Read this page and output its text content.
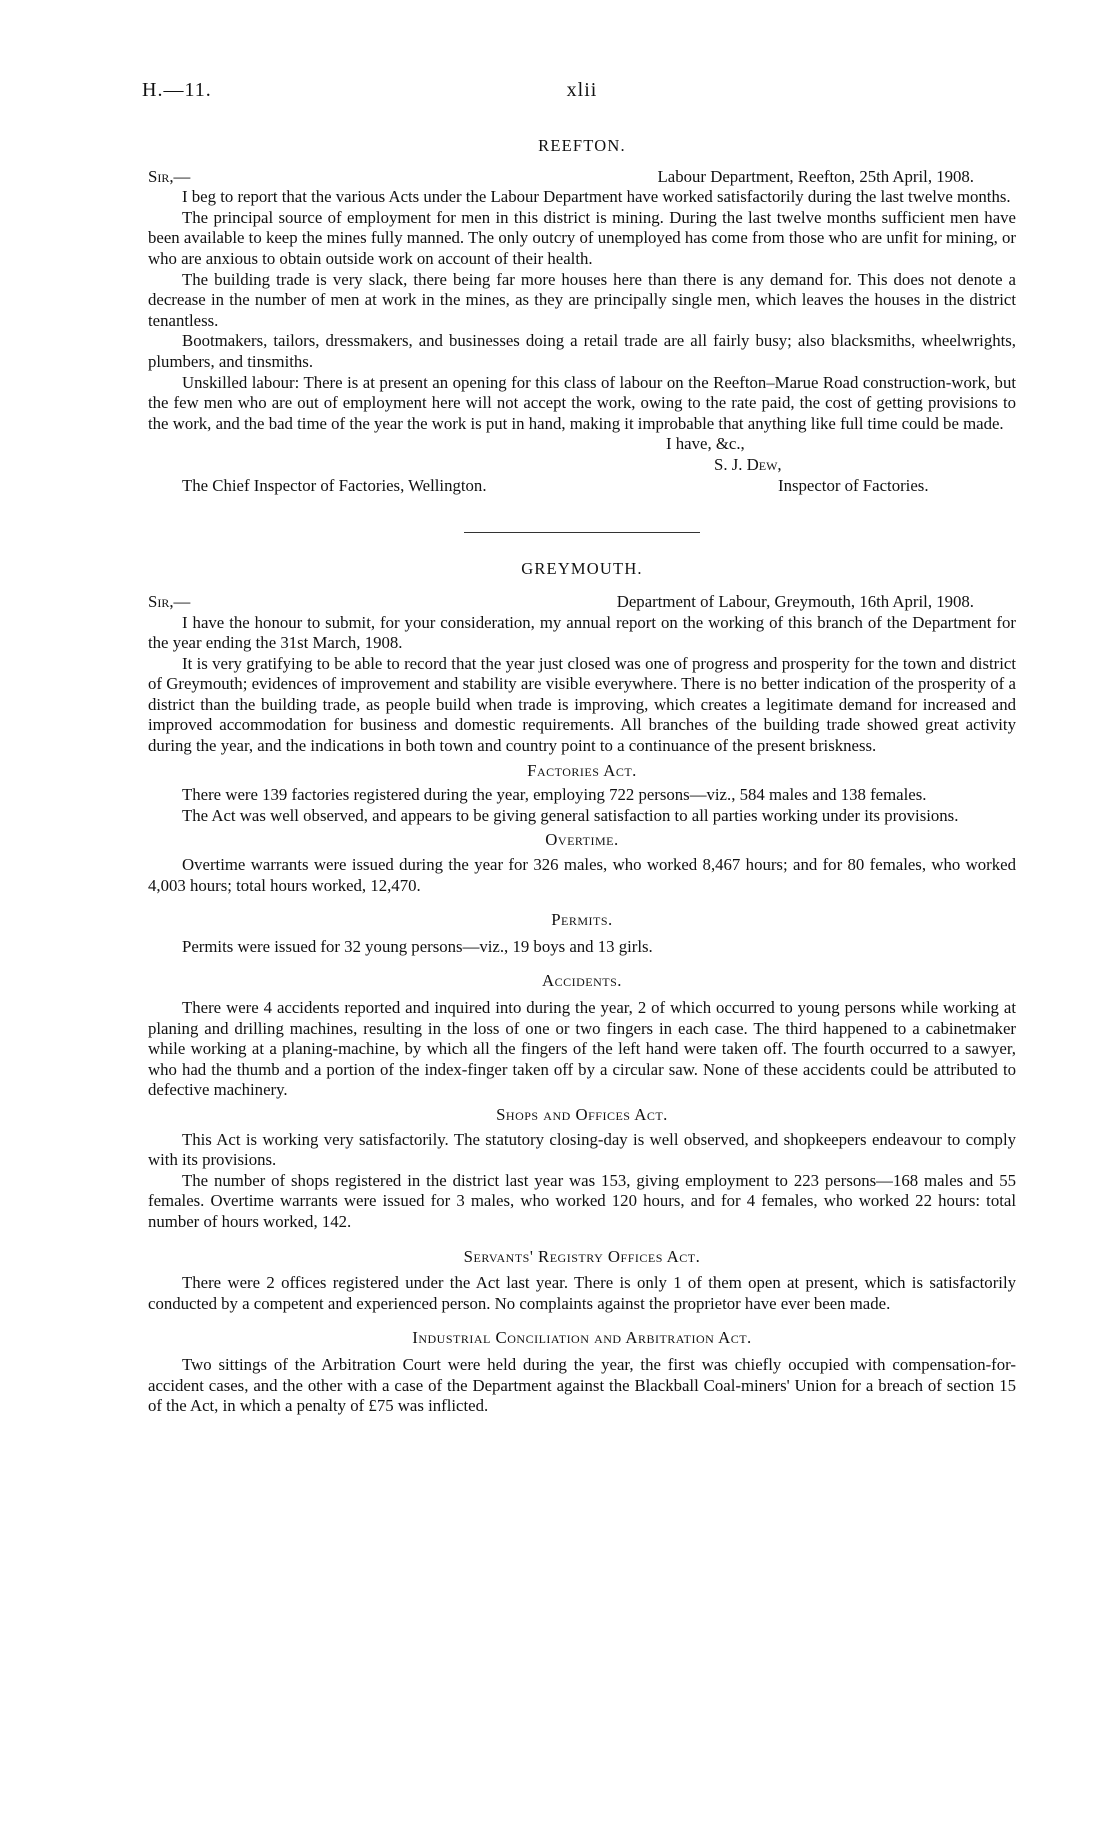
H.—11.	xlii
REEFTON.
Sir,—	Labour Department, Reefton, 25th April, 1908.

I beg to report that the various Acts under the Labour Department have worked satisfactorily during the last twelve months.

The principal source of employment for men in this district is mining. During the last twelve months sufficient men have been available to keep the mines fully manned. The only outcry of unemployed has come from those who are unfit for mining, or who are anxious to obtain outside work on account of their health.

The building trade is very slack, there being far more houses here than there is any demand for. This does not denote a decrease in the number of men at work in the mines, as they are principally single men, which leaves the houses in the district tenantless.

Bootmakers, tailors, dressmakers, and businesses doing a retail trade are all fairly busy; also blacksmiths, wheelwrights, plumbers, and tinsmiths.

Unskilled labour: There is at present an opening for this class of labour on the Reefton–Marue Road construction-work, but the few men who are out of employment here will not accept the work, owing to the rate paid, the cost of getting provisions to the work, and the bad time of the year the work is put in hand, making it improbable that anything like full time could be made.

I have, &c.,
S. J. Dew,
The Chief Inspector of Factories, Wellington.	Inspector of Factories.
GREYMOUTH.
Sir,—	Department of Labour, Greymouth, 16th April, 1908.

I have the honour to submit, for your consideration, my annual report on the working of this branch of the Department for the year ending the 31st March, 1908.

It is very gratifying to be able to record that the year just closed was one of progress and prosperity for the town and district of Greymouth; evidences of improvement and stability are visible everywhere. There is no better indication of the prosperity of a district than the building trade, as people build when trade is improving, which creates a legitimate demand for increased and improved accommodation for business and domestic requirements. All branches of the building trade showed great activity during the year, and the indications in both town and country point to a continuance of the present briskness.

Factories Act.

There were 139 factories registered during the year, employing 722 persons—viz., 584 males and 138 females.

The Act was well observed, and appears to be giving general satisfaction to all parties working under its provisions.

Overtime.

Overtime warrants were issued during the year for 326 males, who worked 8,467 hours; and for 80 females, who worked 4,003 hours; total hours worked, 12,470.

Permits.

Permits were issued for 32 young persons—viz., 19 boys and 13 girls.

Accidents.

There were 4 accidents reported and inquired into during the year, 2 of which occurred to young persons while working at planing and drilling machines, resulting in the loss of one or two fingers in each case. The third happened to a cabinetmaker while working at a planing-machine, by which all the fingers of the left hand were taken off. The fourth occurred to a sawyer, who had the thumb and a portion of the index-finger taken off by a circular saw. None of these accidents could be attributed to defective machinery.

Shops and Offices Act.

This Act is working very satisfactorily. The statutory closing-day is well observed, and shopkeepers endeavour to comply with its provisions.

The number of shops registered in the district last year was 153, giving employment to 223 persons—168 males and 55 females. Overtime warrants were issued for 3 males, who worked 120 hours, and for 4 females, who worked 22 hours: total number of hours worked, 142.

Servants' Registry Offices Act.

There were 2 offices registered under the Act last year. There is only 1 of them open at present, which is satisfactorily conducted by a competent and experienced person. No complaints against the proprietor have ever been made.

Industrial Conciliation and Arbitration Act.

Two sittings of the Arbitration Court were held during the year, the first was chiefly occupied with compensation-for-accident cases, and the other with a case of the Department against the Blackball Coal-miners' Union for a breach of section 15 of the Act, in which a penalty of £75 was inflicted.
